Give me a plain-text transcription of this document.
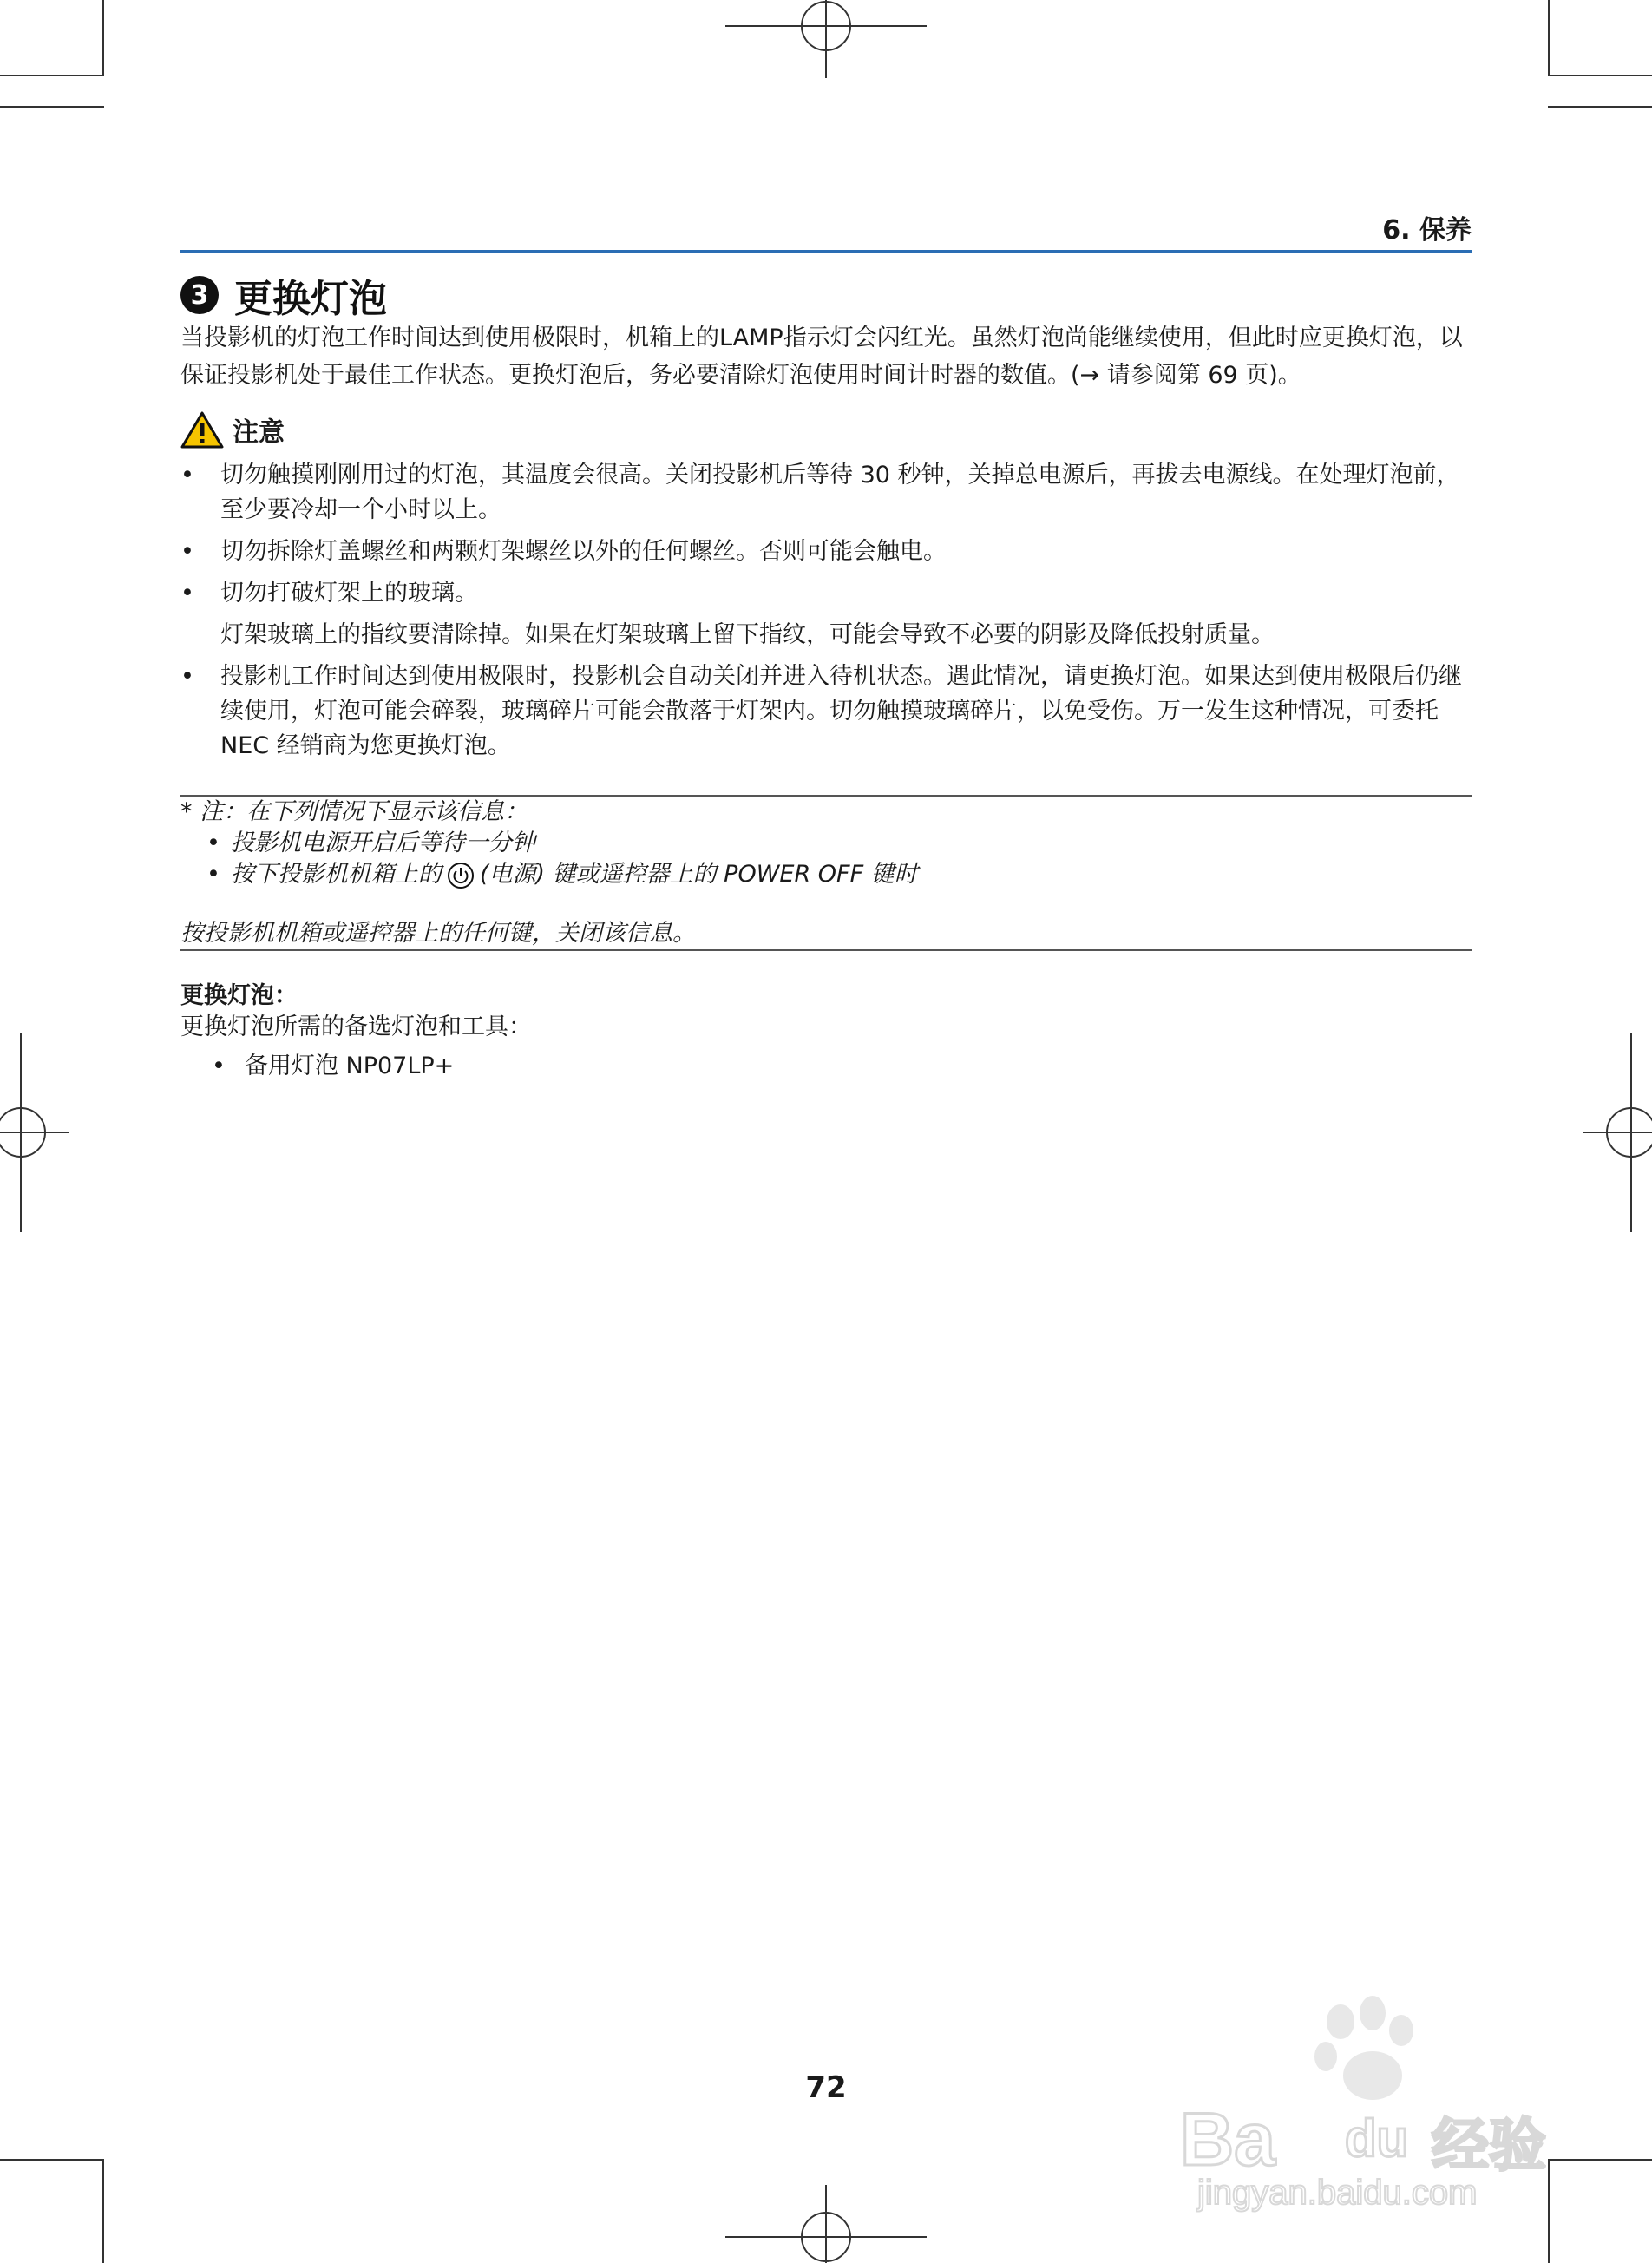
6. 保养
3 更换灯泡
当投影机的灯泡工作时间达到使用极限时，机箱上的LAMP指示灯会闪红光。虽然灯泡尚能继续使用，但此时应更换灯泡，以保证投影机处于最佳工作状态。更换灯泡后，务必要清除灯泡使用时间计时器的数值。(→ 请参阅第 69 页)。
注意
• 切勿触摸刚刚用过的灯泡，其温度会很高。关闭投影机后等待 30 秒钟，关掉总电源后，再拔去电源线。在处理灯泡前，至少要冷却一个小时以上。
• 切勿拆除灯盖螺丝和两颗灯架螺丝以外的任何螺丝。否则可能会触电。
• 切勿打破灯架上的玻璃。
灯架玻璃上的指纹要清除掉。如果在灯架玻璃上留下指纹，可能会导致不必要的阴影及降低投射质量。
• 投影机工作时间达到使用极限时，投影机会自动关闭并进入待机状态。遇此情况，请更换灯泡。如果达到使用极限后仍继续使用，灯泡可能会碎裂，玻璃碎片可能会散落于灯架内。切勿触摸玻璃碎片，以免受伤。万一发生这种情况，可委托 NEC 经销商为您更换灯泡。
* 注：在下列情况下显示该信息：
• 投影机电源开启后等待一分钟
• 按下投影机机箱上的 (电源) 键或遥控器上的 POWER OFF 键时
按投影机机箱或遥控器上的任何键，关闭该信息。
更换灯泡：
更换灯泡所需的备选灯泡和工具：
• 备用灯泡 NP07LP+
72
Ba du 经验
jingyan.baidu.com
